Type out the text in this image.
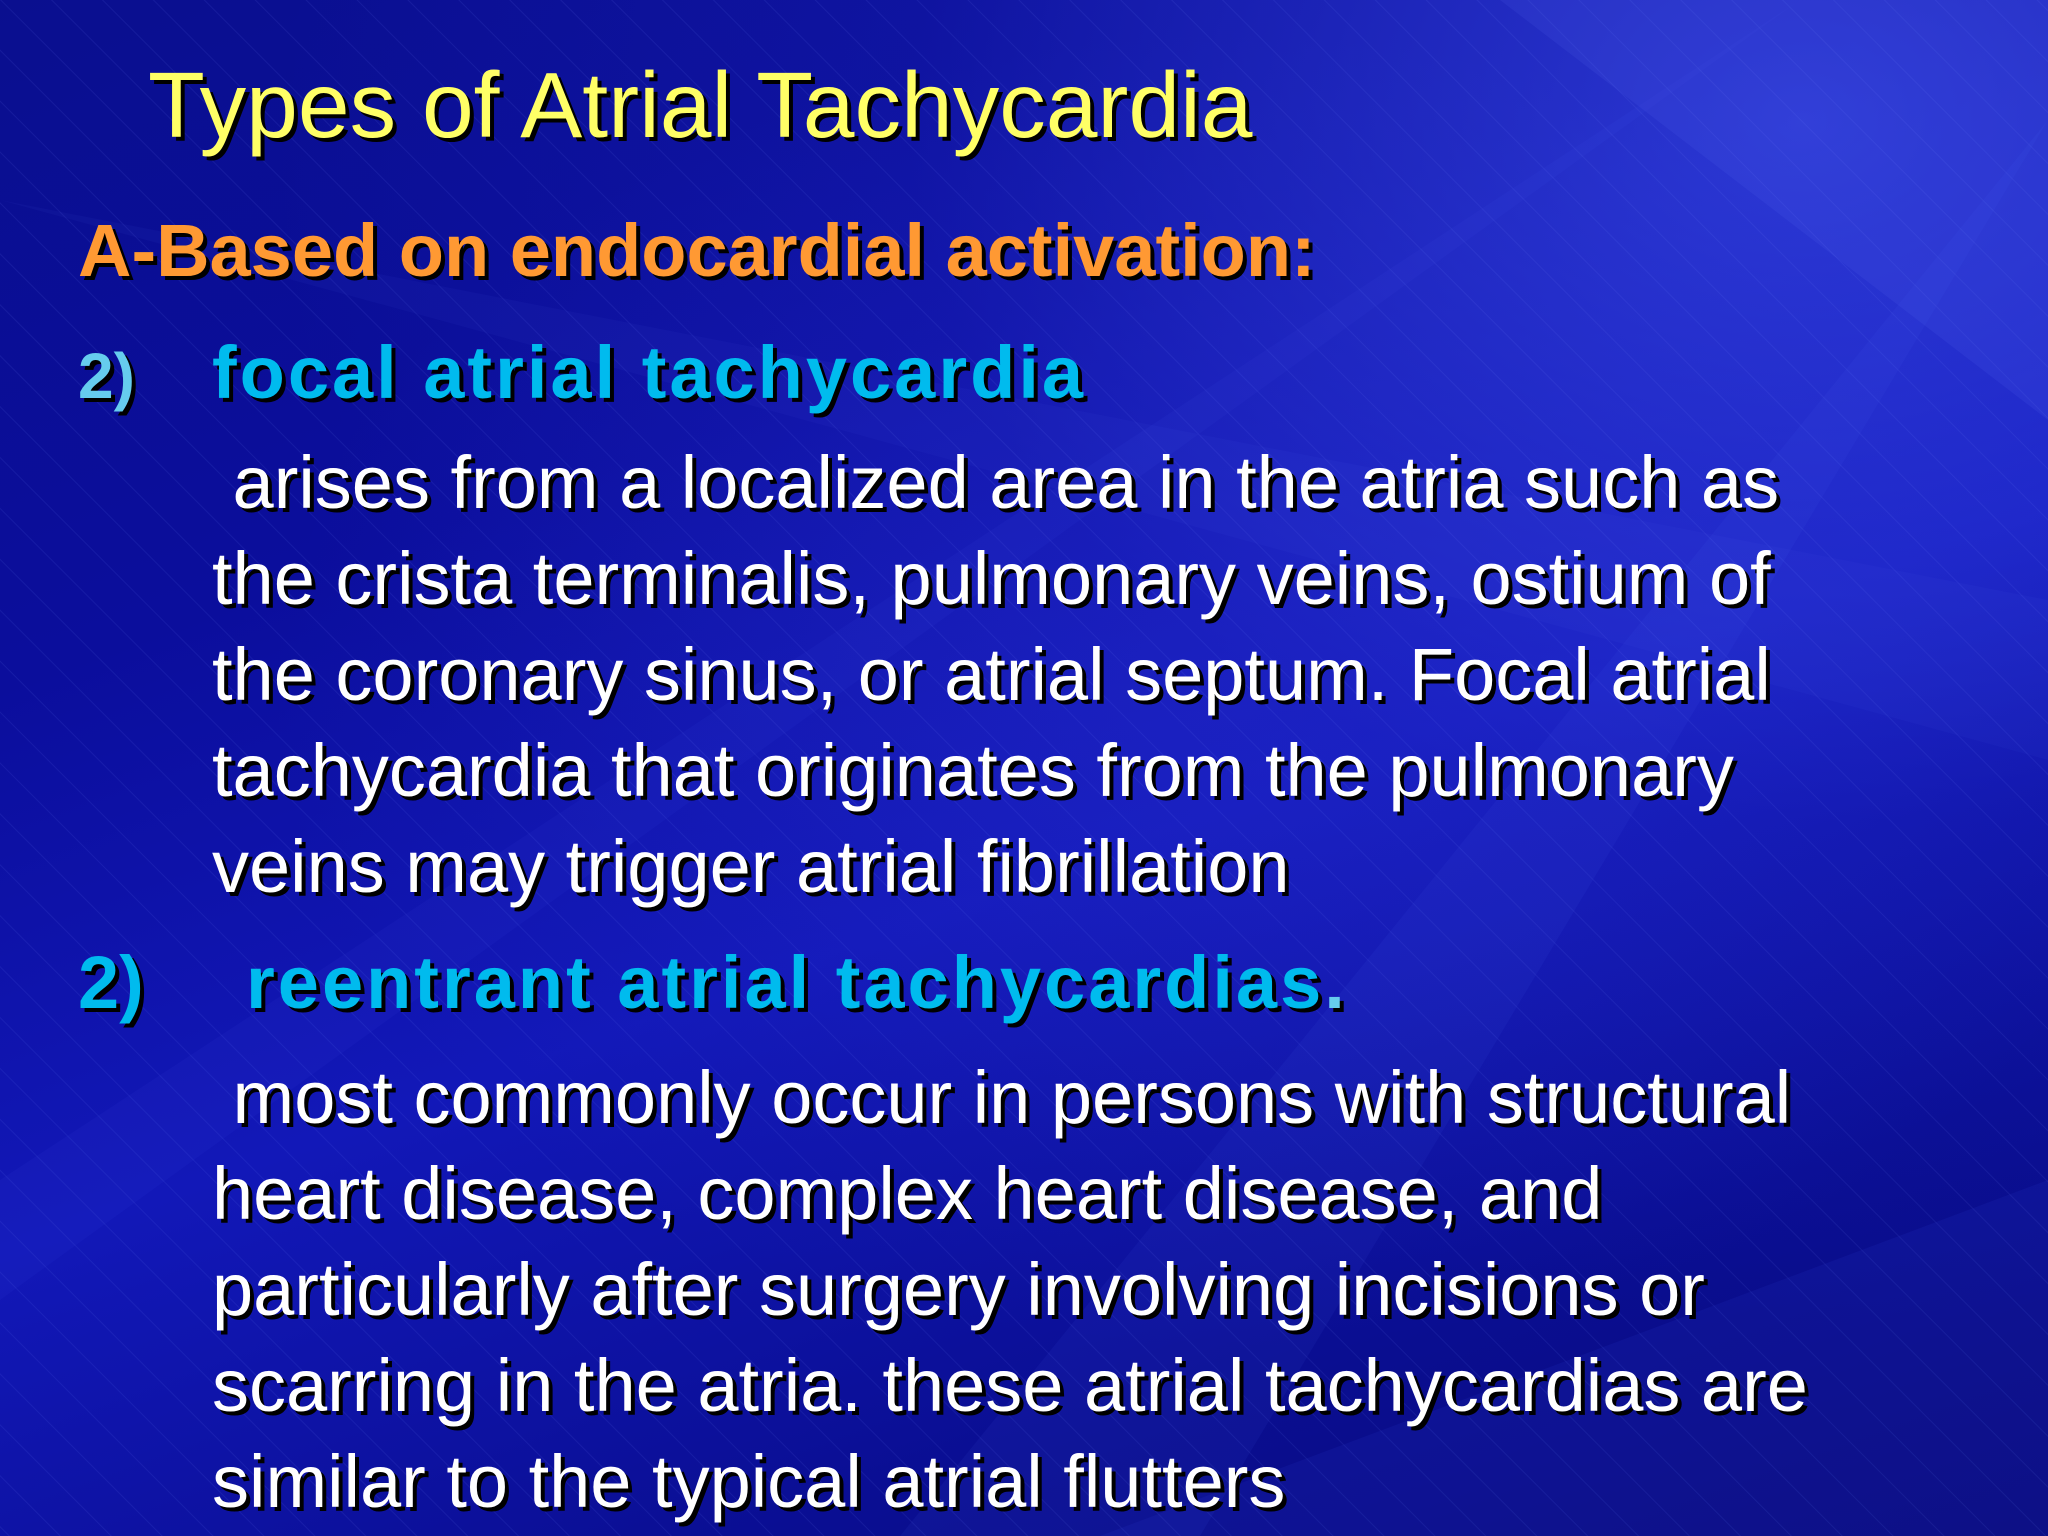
Types of Atrial Tachycardia
A-Based on endocardial activation:
2) focal atrial tachycardia
arises from a localized area in the atria such as
the crista terminalis, pulmonary veins, ostium of
the coronary sinus, or atrial septum. Focal atrial
tachycardia that originates from the pulmonary
veins may trigger atrial fibrillation
2) reentrant atrial tachycardias.
most commonly occur in persons with structural
heart disease, complex heart disease, and
particularly after surgery involving incisions or
scarring in the atria. these atrial tachycardias are
similar to the typical atrial flutters
